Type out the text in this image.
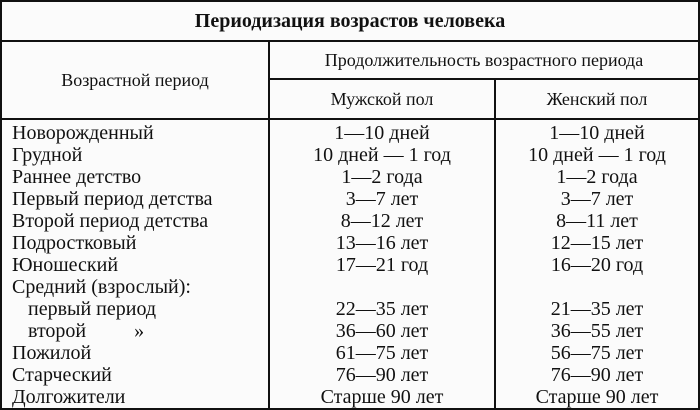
Периодизация возрастов человека
Возрастной период
Продолжительность возрастного периода
Мужской пол	Женский пол
Новорожденный	1—10 дней	1—10 дней
Грудной	10 дней — 1 год	10 дней — 1 год
Раннее детство	1—2 года	1—2 года
Первый период детства	3—7 лет	3—7 лет
Второй период детства	8—12 лет	8—11 лет
Подростковый	13—16 лет	12—15 лет
Юношеский	17—21 год	16—20 год
Средний (взрослый):
первый период	22—35 лет	21—35 лет
второй »	36—60 лет	36—55 лет
Пожилой	61—75 лет	56—75 лет
Старческий	76—90 лет	76—90 лет
Долгожители	Старше 90 лет	Старше 90 лет
